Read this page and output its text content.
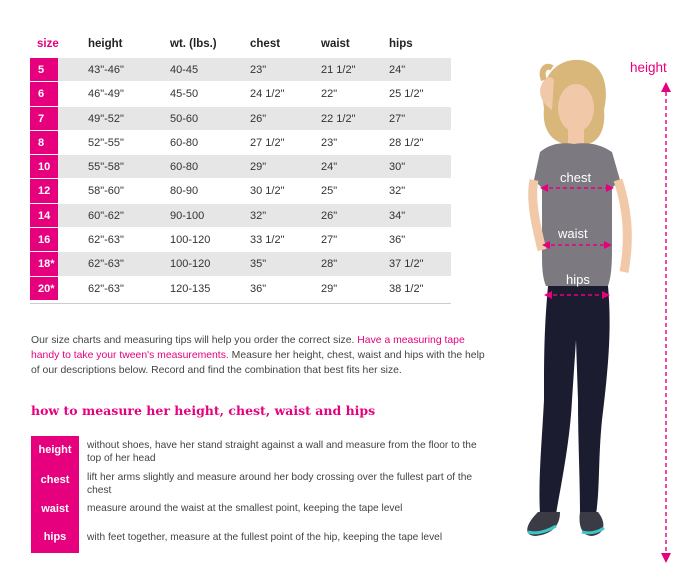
size	height	wt. (lbs.)	chest	waist	hips
5	43"-46"	40-45	23"	21 1/2"	24"
6	46"-49"	45-50	24 1/2"	22"	25 1/2"
7	49"-52"	50-60	26"	22 1/2"	27"
8	52"-55"	60-80	27 1/2"	23"	28 1/2"
10	55"-58"	60-80	29"	24"	30"
12	58"-60"	80-90	30 1/2"	25"	32"
14	60"-62"	90-100	32"	26"	34"
16	62"-63"	100-120	33 1/2"	27"	36"
18*	62"-63"	100-120	35"	28"	37 1/2"
20*	62"-63"	120-135	36"	29"	38 1/2"
Our size charts and measuring tips will help you order the correct size. Have a measuring tape handy to take your tween's measurements. Measure her height, chest, waist and hips with the help of our descriptions below. Record and find the combination that best fits her size.
how to measure her height, chest, waist and hips
height	without shoes, have her stand straight against a wall and measure from the floor to the top of her head
chest	lift her arms slightly and measure around her body crossing over the fullest part of the chest
waist	measure around the waist at the smallest point, keeping the tape level
hips	with feet together, measure at the fullest point of the hip, keeping the tape level
height
chest
waist
hips
